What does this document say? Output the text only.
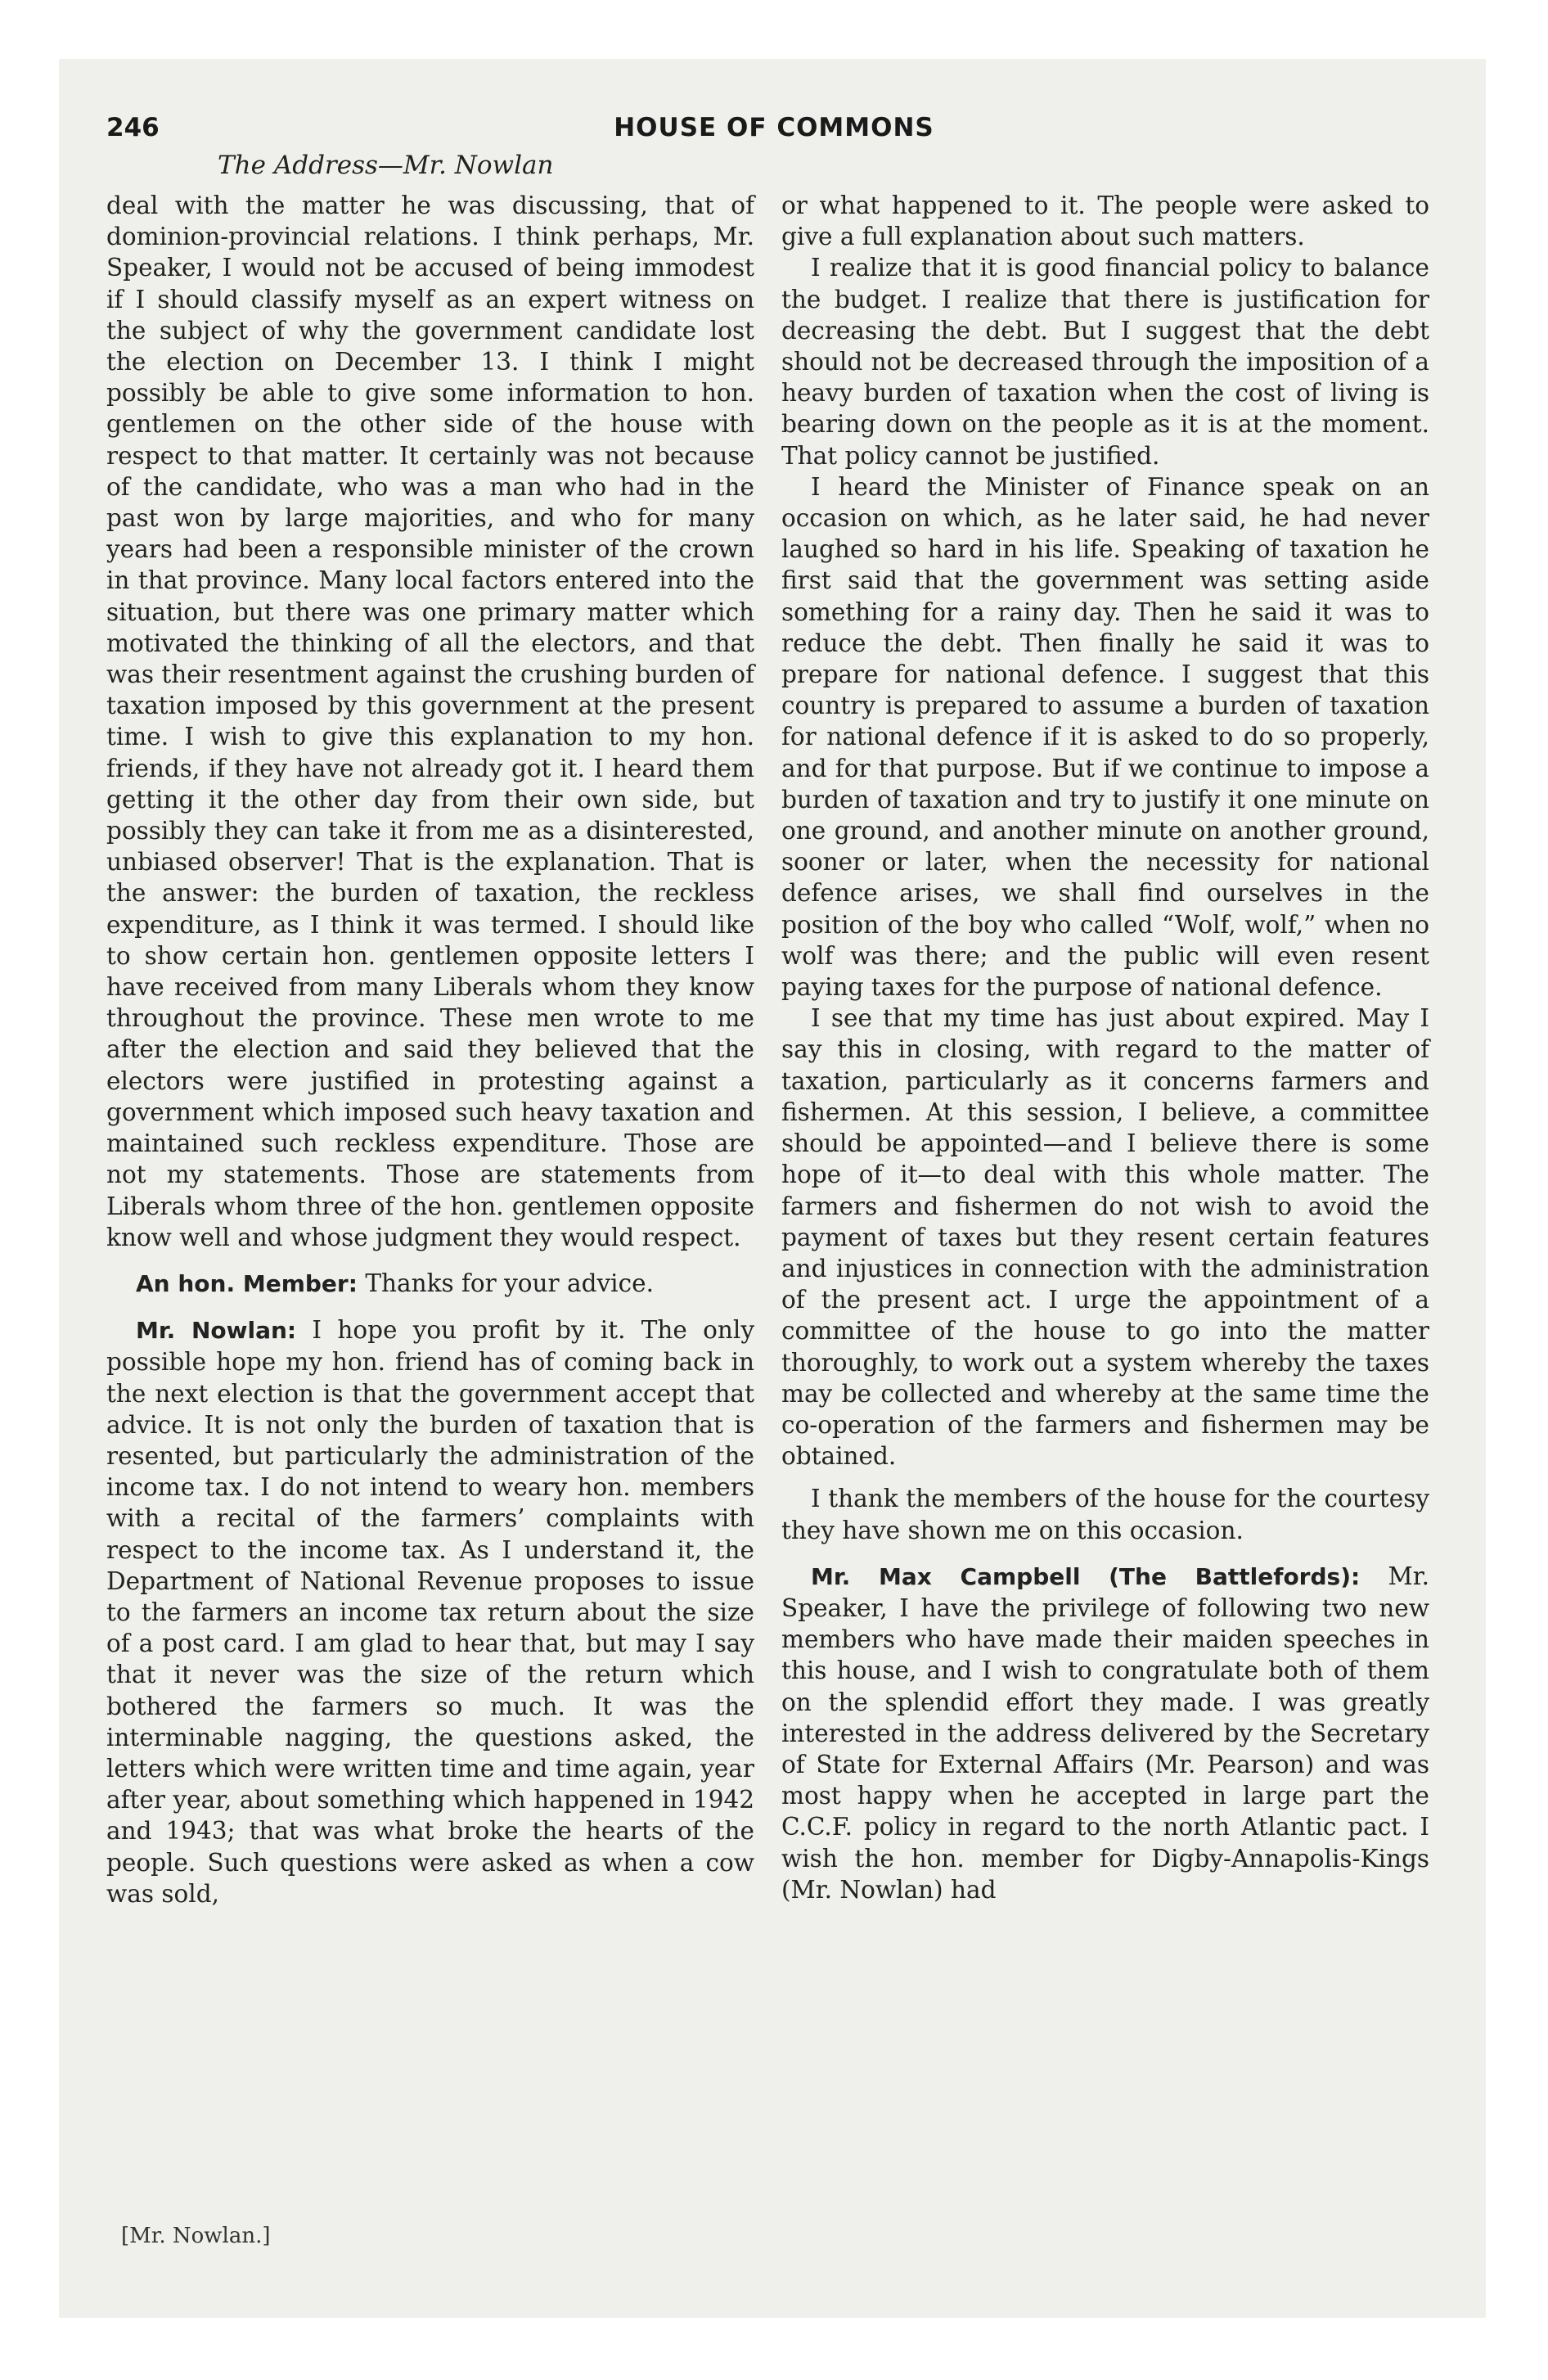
246	HOUSE OF COMMONS
The Address—Mr. Nowlan

deal with the matter he was discussing, that of dominion-provincial relations. I think perhaps, Mr. Speaker, I would not be accused of being immodest if I should classify myself as an expert witness on the subject of why the government candidate lost the election on December 13. I think I might possibly be able to give some information to hon. gentlemen on the other side of the house with respect to that matter. It certainly was not because of the candidate, who was a man who had in the past won by large majorities, and who for many years had been a responsible minister of the crown in that province. Many local factors entered into the situation, but there was one primary matter which motivated the thinking of all the electors, and that was their resentment against the crushing burden of taxation imposed by this government at the present time. I wish to give this explanation to my hon. friends, if they have not already got it. I heard them getting it the other day from their own side, but possibly they can take it from me as a disinterested, unbiased observer! That is the explanation. That is the answer: the burden of taxation, the reckless expenditure, as I think it was termed. I should like to show certain hon. gentlemen opposite letters I have received from many Liberals whom they know throughout the province. These men wrote to me after the election and said they believed that the electors were justified in protesting against a government which imposed such heavy taxation and maintained such reckless expenditure. Those are not my statements. Those are statements from Liberals whom three of the hon. gentlemen opposite know well and whose judgment they would respect.

An hon. Member: Thanks for your advice.

Mr. Nowlan: I hope you profit by it. The only possible hope my hon. friend has of coming back in the next election is that the government accept that advice. It is not only the burden of taxation that is resented, but particularly the administration of the income tax. I do not intend to weary hon. members with a recital of the farmers’ complaints with respect to the income tax. As I understand it, the Department of National Revenue proposes to issue to the farmers an income tax return about the size of a post card. I am glad to hear that, but may I say that it never was the size of the return which bothered the farmers so much. It was the interminable nagging, the questions asked, the letters which were written time and time again, year after year, about something which happened in 1942 and 1943; that was what broke the hearts of the people. Such questions were asked as when a cow was sold,

or what happened to it. The people were asked to give a full explanation about such matters.

I realize that it is good financial policy to balance the budget. I realize that there is justification for decreasing the debt. But I suggest that the debt should not be decreased through the imposition of a heavy burden of taxation when the cost of living is bearing down on the people as it is at the moment. That policy cannot be justified.

I heard the Minister of Finance speak on an occasion on which, as he later said, he had never laughed so hard in his life. Speaking of taxation he first said that the government was setting aside something for a rainy day. Then he said it was to reduce the debt. Then finally he said it was to prepare for national defence. I suggest that this country is prepared to assume a burden of taxation for national defence if it is asked to do so properly, and for that purpose. But if we continue to impose a burden of taxation and try to justify it one minute on one ground, and another minute on another ground, sooner or later, when the necessity for national defence arises, we shall find ourselves in the position of the boy who called “Wolf, wolf,” when no wolf was there; and the public will even resent paying taxes for the purpose of national defence.

I see that my time has just about expired. May I say this in closing, with regard to the matter of taxation, particularly as it concerns farmers and fishermen. At this session, I believe, a committee should be appointed—and I believe there is some hope of it—to deal with this whole matter. The farmers and fishermen do not wish to avoid the payment of taxes but they resent certain features and injustices in connection with the administration of the present act. I urge the appointment of a committee of the house to go into the matter thoroughly, to work out a system whereby the taxes may be collected and whereby at the same time the co-operation of the farmers and fishermen may be obtained.

I thank the members of the house for the courtesy they have shown me on this occasion.

Mr. Max Campbell (The Battlefords): Mr. Speaker, I have the privilege of following two new members who have made their maiden speeches in this house, and I wish to congratulate both of them on the splendid effort they made. I was greatly interested in the address delivered by the Secretary of State for External Affairs (Mr. Pearson) and was most happy when he accepted in large part the C.C.F. policy in regard to the north Atlantic pact. I wish the hon. member for Digby-Annapolis-Kings (Mr. Nowlan) had

[Mr. Nowlan.]
